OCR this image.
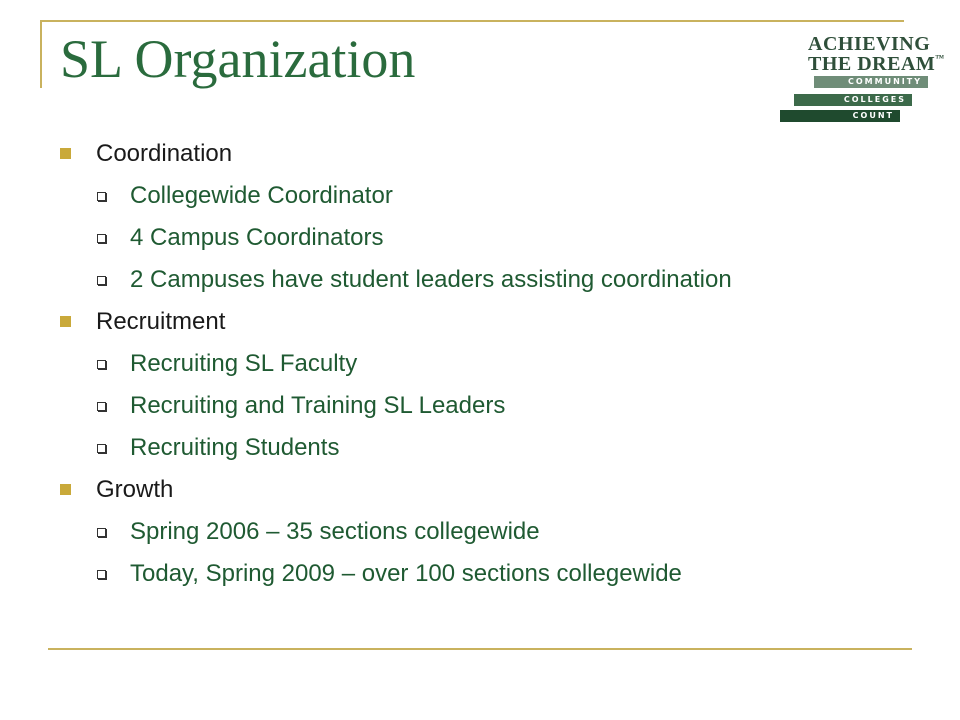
SL Organization	ACHIEVING
THE DREAM™
COMMUNITY
COLLEGES
COUNT
Coordination
Collegewide Coordinator
4 Campus Coordinators
2 Campuses have student leaders assisting coordination
Recruitment
Recruiting SL Faculty
Recruiting and Training SL Leaders
Recruiting Students
Growth
Spring 2006 – 35 sections collegewide
Today, Spring 2009 – over 100 sections collegewide
